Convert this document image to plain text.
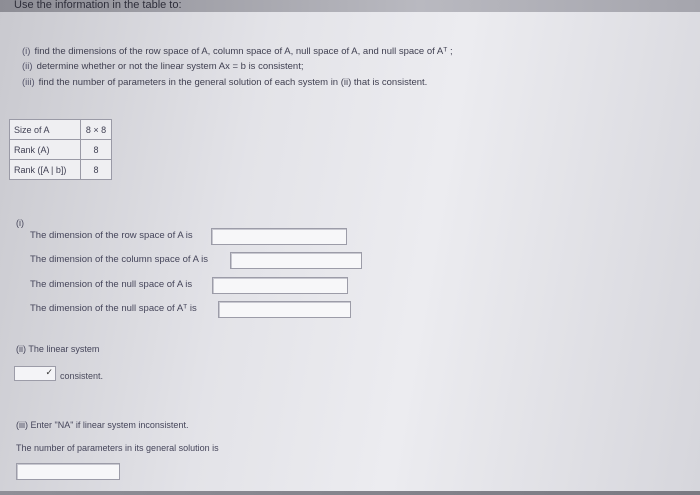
Use the information in the table to:
(i) find the dimensions of the row space of A, column space of A, null space of A, and null space of Aᵀ ;
(ii) determine whether or not the linear system Ax = b is consistent;
(iii) find the number of parameters in the general solution of each system in (ii) that is consistent.
Size of A	8 × 8
Rank (A)	8
Rank ([A | b])	8
(i)
The dimension of the row space of A is
The dimension of the column space of A is
The dimension of the null space of A is
The dimension of the null space of Aᵀ is
(ii) The linear system
✓ consistent.
(iii) Enter "NA" if linear system inconsistent.
The number of parameters in its general solution is
